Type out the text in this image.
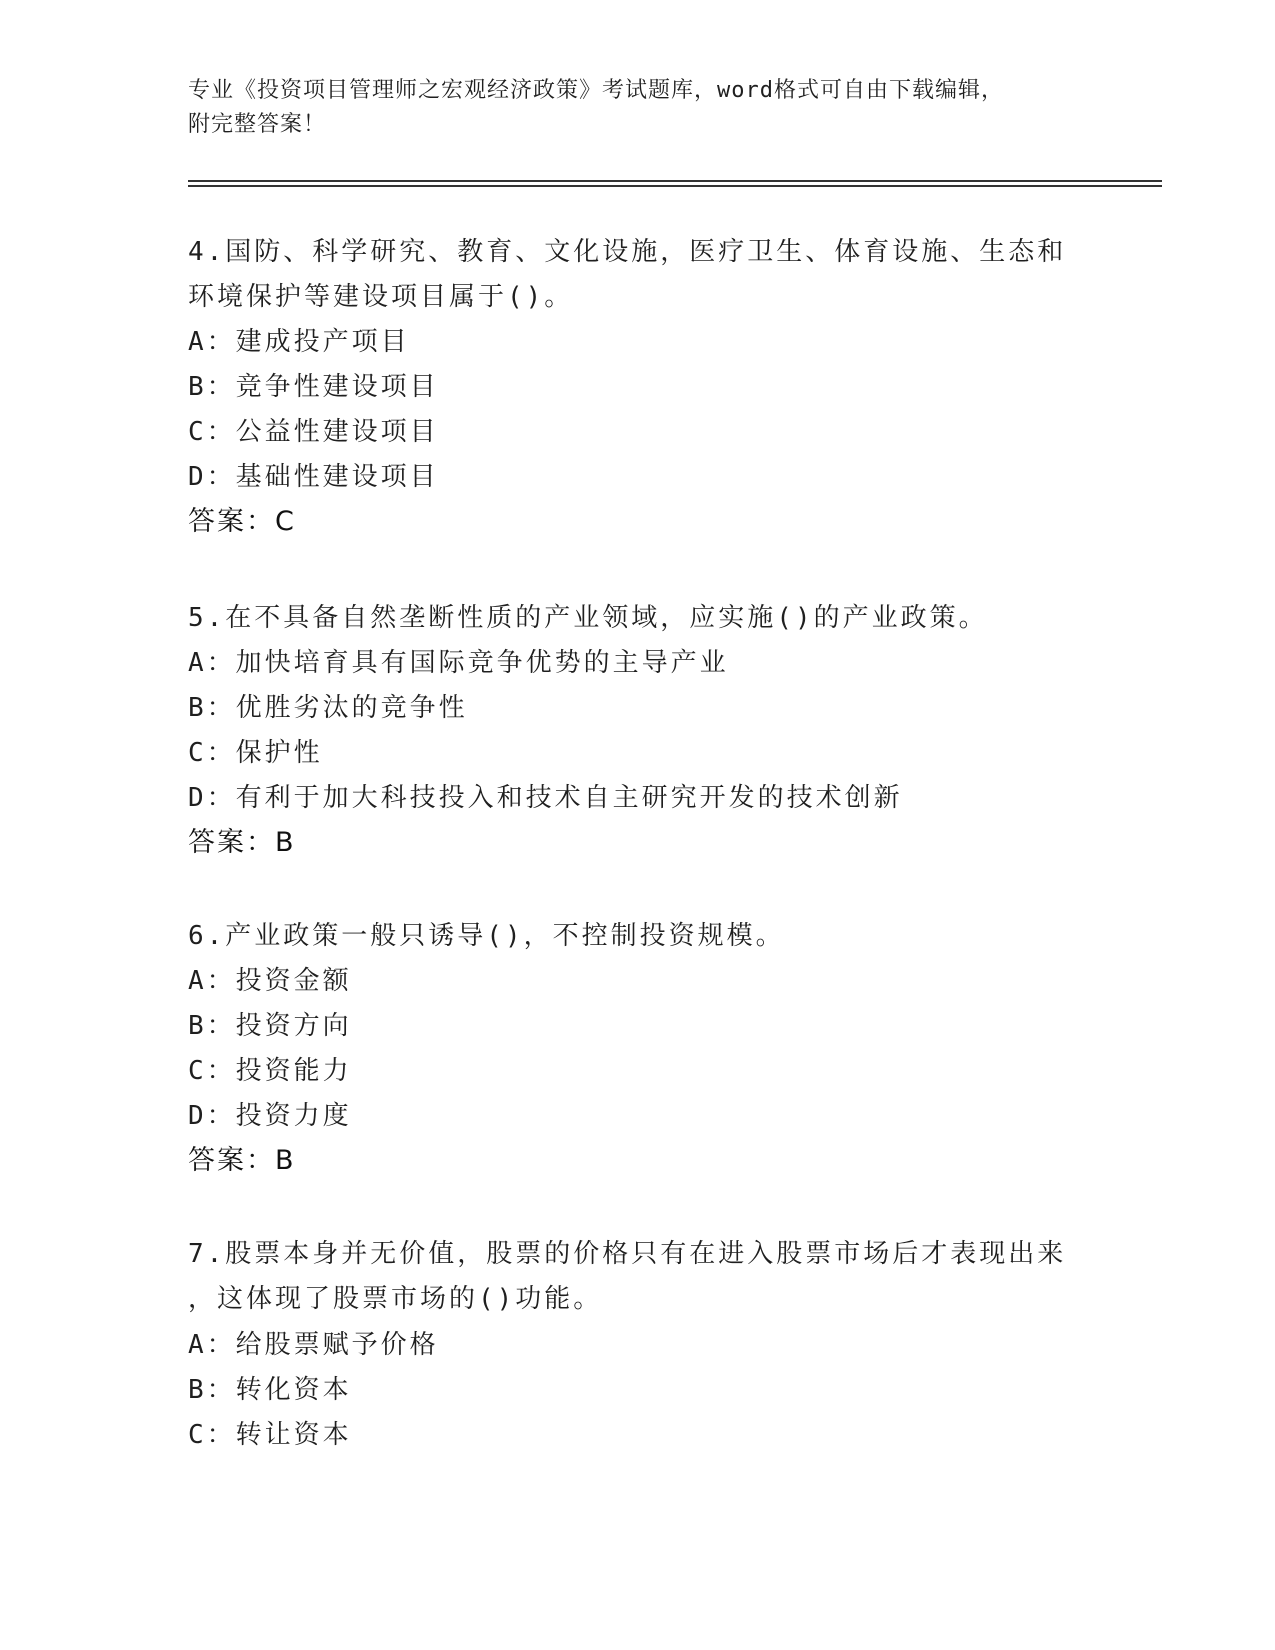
专业《投资项目管理师之宏观经济政策》考试题库，word格式可自由下载编辑，
附完整答案！
4.国防、科学研究、教育、文化设施，医疗卫生、体育设施、生态和
环境保护等建设项目属于()。
A：建成投产项目
B：竞争性建设项目
C：公益性建设项目
D：基础性建设项目
答案：C
5.在不具备自然垄断性质的产业领域，应实施()的产业政策。
A：加快培育具有国际竞争优势的主导产业
B：优胜劣汰的竞争性
C：保护性
D：有利于加大科技投入和技术自主研究开发的技术创新
答案：B
6.产业政策一般只诱导()，不控制投资规模。
A：投资金额
B：投资方向
C：投资能力
D：投资力度
答案：B
7.股票本身并无价值，股票的价格只有在进入股票市场后才表现出来
，这体现了股票市场的()功能。
A：给股票赋予价格
B：转化资本
C：转让资本
